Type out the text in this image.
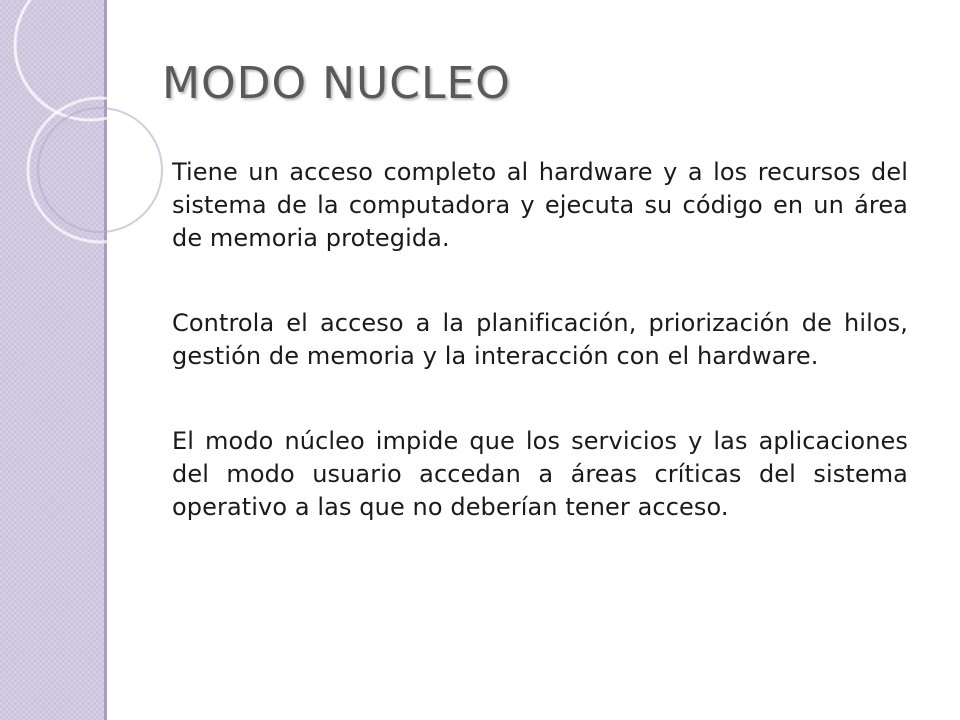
MODO NUCLEO

Tiene un acceso completo al hardware y a los recursos del sistema de la computadora y ejecuta su código en un área de memoria protegida.

Controla el acceso a la planificación, priorización de hilos, gestión de memoria y la interacción con el hardware.

El modo núcleo impide que los servicios y las aplicaciones del modo usuario accedan a áreas críticas del sistema operativo a las que no deberían tener acceso.
